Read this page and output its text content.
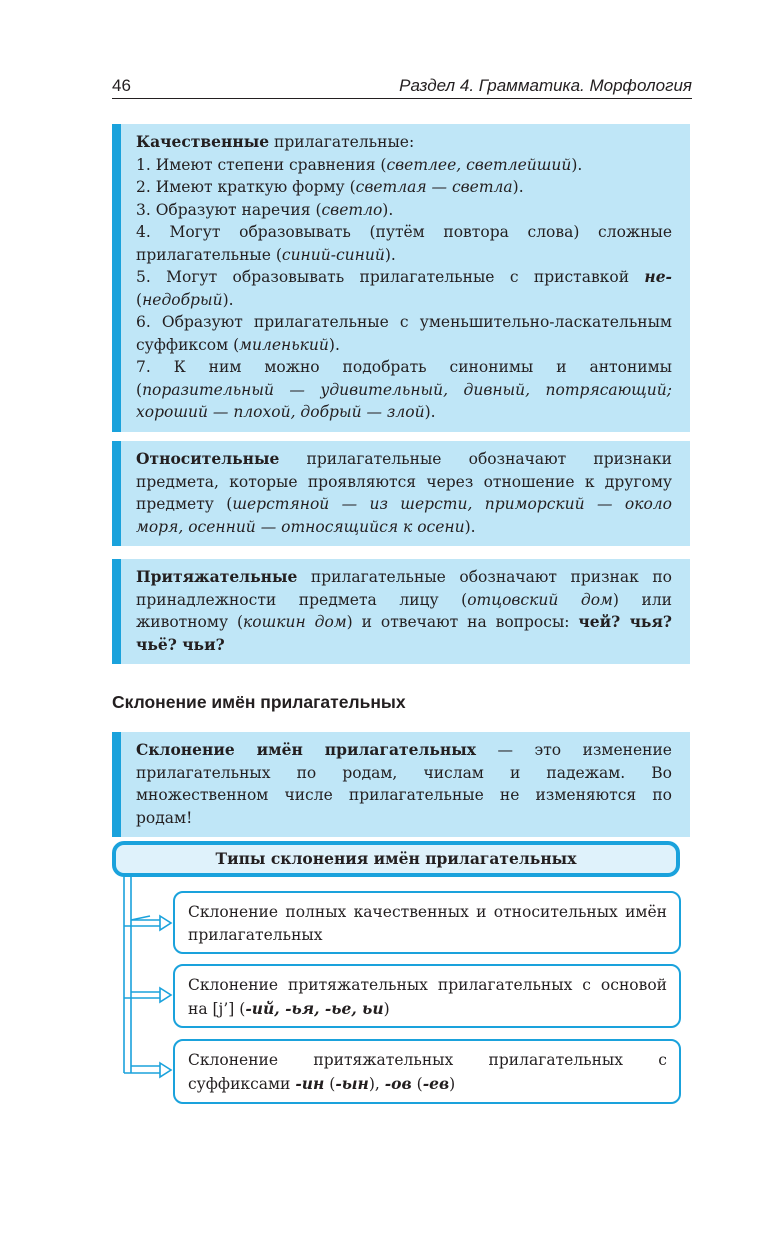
46	Раздел 4. Грамматика. Морфология

Качественные прилагательные:

1. Имеют степени сравнения (светлее, светлейший).

2. Имеют краткую форму (светлая — светла).

3. Образуют наречия (светло).

4. Могут образовывать (путём повтора слова) сложные прилагательные (синий-синий).

5. Могут образовывать прилагательные с приставкой не- (недобрый).

6. Образуют прилагательные с уменьшительно-ласкательным суффиксом (миленький).

7. К ним можно подобрать синонимы и антонимы (поразительный — удивительный, дивный, потрясающий; хороший — плохой, добрый — злой).

Относительные прилагательные обозначают признаки предмета, которые проявляются через отношение к другому предмету (шерстяной — из шерсти, приморский — около моря, осенний — относящийся к осени).

Притяжательные прилагательные обозначают признак по принадлежности предмета лицу (отцовский дом) или животному (кошкин дом) и отвечают на вопросы: чей? чья? чьё? чьи?

Склонение имён прилагательных

Склонение имён прилагательных — это изменение прилагательных по родам, числам и падежам. Во множественном числе прилагательные не изменяются по родам!

Типы склонения имён прилагательных
Склонение полных качественных и относительных имён прилагательных
Склонение притяжательных прилагательных с основой на [j’] (-ий, -ья, -ье, ьи)
Склонение притяжательных прилагательных с суффиксами -ин (-ын), -ов (-ев)
